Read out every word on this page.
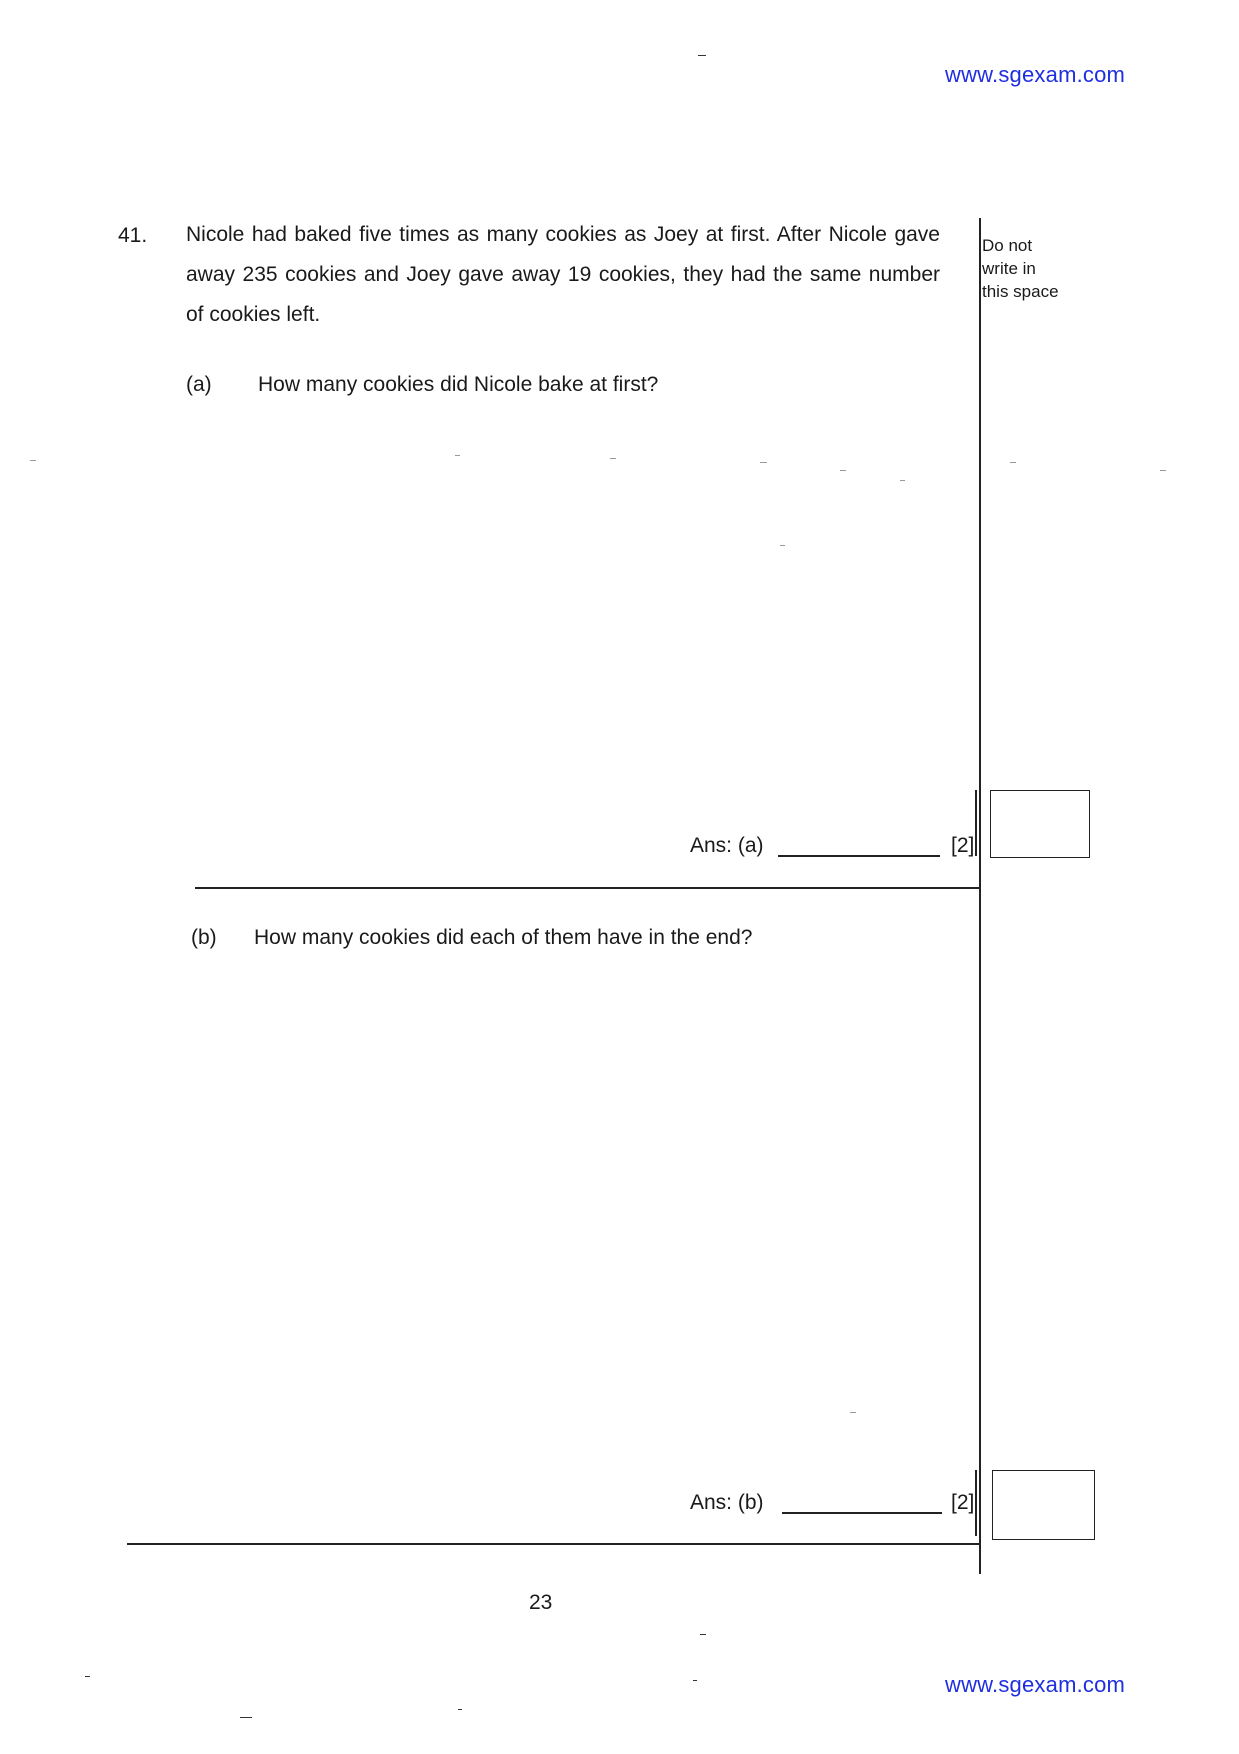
www.sgexam.com
41. Nicole had baked five times as many cookies as Joey at first. After Nicole gave away 235 cookies and Joey gave away 19 cookies, they had the same number of cookies left.
Do not
write in
this space
(a) How many cookies did Nicole bake at first?
Ans: (a)	[2]
(b) How many cookies did each of them have in the end?
Ans: (b)	[2]
23
www.sgexam.com
